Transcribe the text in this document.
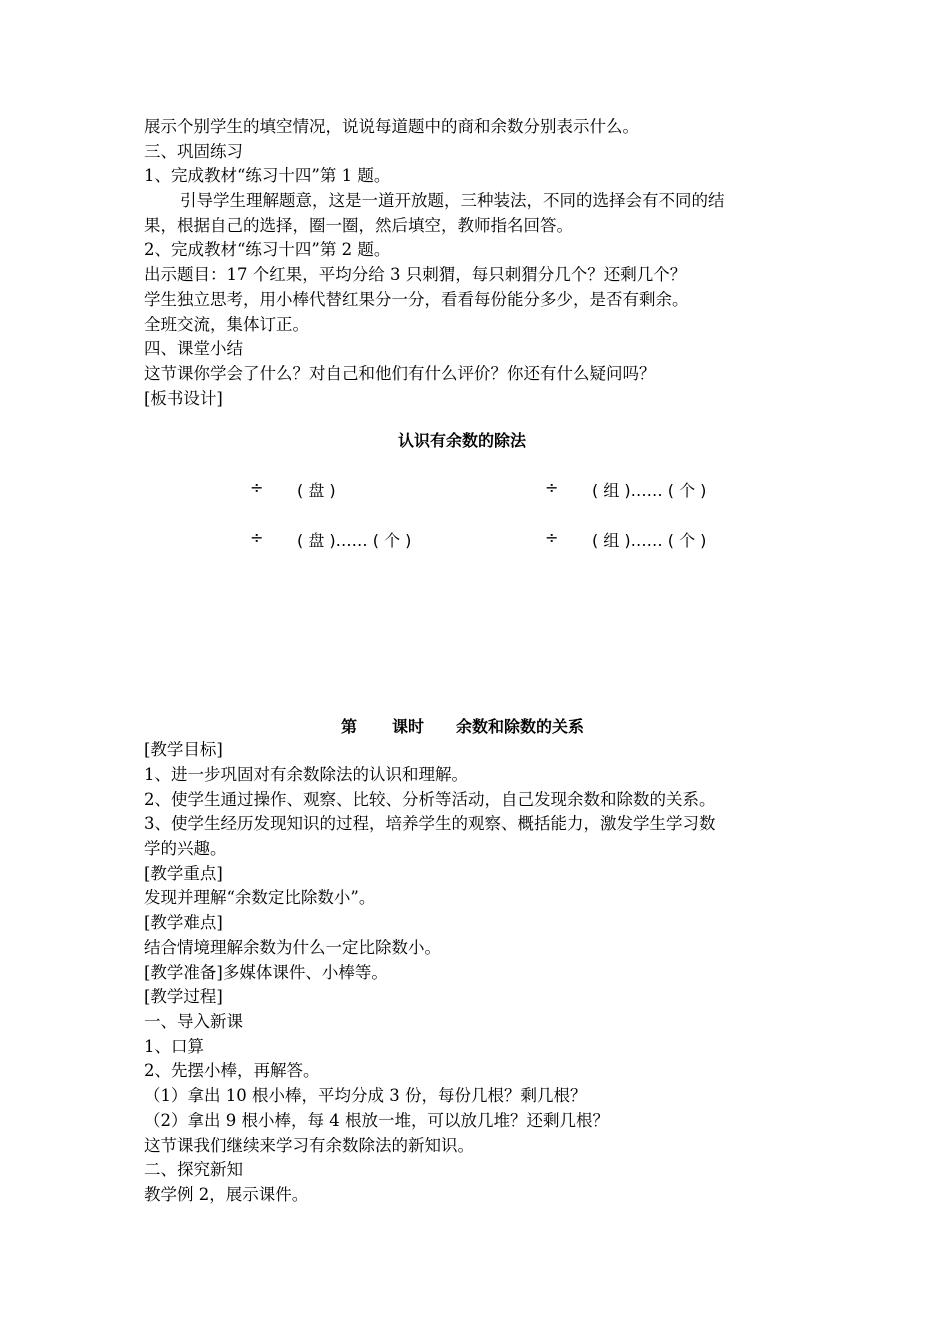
展示个别学生的填空情况，说说每道题中的商和余数分别表示什么。
三、巩固练习
1、完成教材“练习十四”第 1 题。
引导学生理解题意，这是一道开放题，三种装法，不同的选择会有不同的结
果，根据自己的选择，圈一圈，然后填空，教师指名回答。
2、完成教材“练习十四”第 2 题。
出示题目：17 个红果，平均分给 3 只刺猬，每只刺猬分几个？还剩几个？
学生独立思考，用小棒代替红果分一分，看看每份能分多少，是否有剩余。
全班交流，集体订正。
四、课堂小结
这节课你学会了什么？对自己和他们有什么评价？你还有什么疑问吗？
[板书设计]
认识有余数的除法
÷ ( 盘 )	÷ ( 组 )…… ( 个 )
÷ ( 盘 )…… ( 个 )	÷ ( 组 )…… ( 个 )
第 课时 余数和除数的关系
[教学目标]
1、进一步巩固对有余数除法的认识和理解。
2、使学生通过操作、观察、比较、分析等活动，自己发现余数和除数的关系。
3、使学生经历发现知识的过程，培养学生的观察、概括能力，激发学生学习数
学的兴趣。
[教学重点]
发现并理解“余数定比除数小”。
[教学难点]
结合情境理解余数为什么一定比除数小。
[教学准备]多媒体课件、小棒等。
[教学过程]
一、导入新课
1、口算
2、先摆小棒，再解答。
（1）拿出 10 根小棒，平均分成 3 份，每份几根？剩几根？
（2）拿出 9 根小棒，每 4 根放一堆，可以放几堆？还剩几根？
这节课我们继续来学习有余数除法的新知识。
二、探究新知
教学例 2，展示课件。
